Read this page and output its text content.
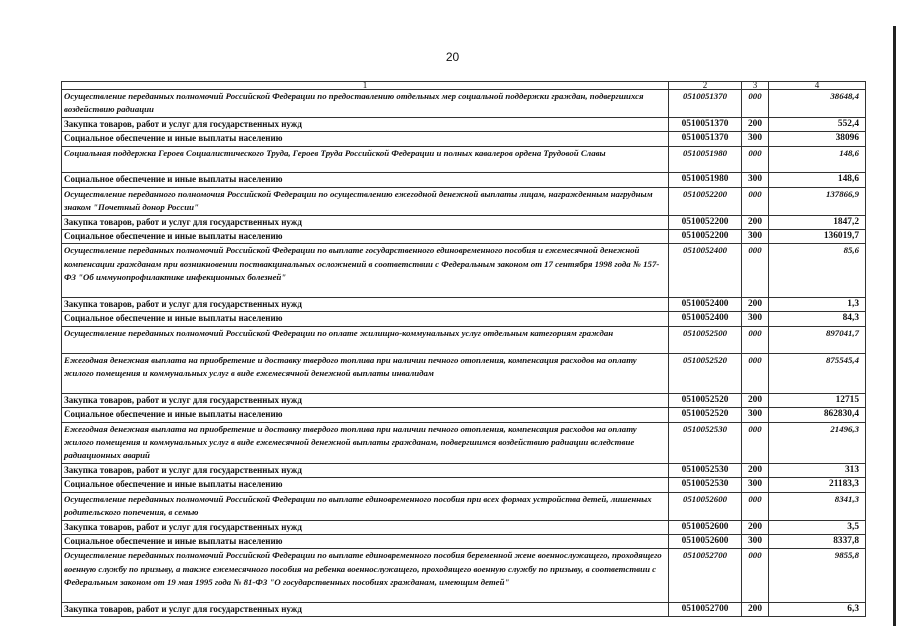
20
1	2	3	4
Осуществление переданных полномочий Российской Федерации по предоставлению отдельных мер социальной поддержки граждан, подвергшихся воздействию радиации	0510051370	000	38648,4
Закупка товаров, работ и услуг для государственных нужд	0510051370	200	552,4
Социальное обеспечение и иные выплаты населению	0510051370	300	38096
Социальная поддержка Героев Социалистического Труда, Героев Труда Российской Федерации и полных кавалеров ордена Трудовой Славы	0510051980	000	148,6
Социальное обеспечение и иные выплаты населению	0510051980	300	148,6
Осуществление переданного полномочия Российской Федерации по осуществлению ежегодной денежной выплаты лицам, награжденным нагрудным знаком "Почетный донор России"	0510052200	000	137866,9
Закупка товаров, работ и услуг для государственных нужд	0510052200	200	1847,2
Социальное обеспечение и иные выплаты населению	0510052200	300	136019,7
Осуществление переданных полномочий Российской Федерации по выплате государственного единовременного пособия и ежемесячной денежной компенсации гражданам при возникновении поствакцинальных осложнений в соответствии с Федеральным законом от 17 сентября 1998 года № 157-ФЗ "Об иммунопрофилактике инфекционных болезней"	0510052400	000	85,6
Закупка товаров, работ и услуг для государственных нужд	0510052400	200	1,3
Социальное обеспечение и иные выплаты населению	0510052400	300	84,3
Осуществление переданных полномочий Российской Федерации по оплате жилищно-коммунальных услуг отдельным категориям граждан	0510052500	000	897041,7
Ежегодная денежная выплата на приобретение и доставку твердого топлива при наличии печного отопления, компенсация расходов на оплату жилого помещения и коммунальных услуг в виде ежемесячной денежной выплаты инвалидам	0510052520	000	875545,4
Закупка товаров, работ и услуг для государственных нужд	0510052520	200	12715
Социальное обеспечение и иные выплаты населению	0510052520	300	862830,4
Ежегодная денежная выплата на приобретение и доставку твердого топлива при наличии печного отопления, компенсация расходов на оплату жилого помещения и коммунальных услуг в виде ежемесячной денежной выплаты гражданам, подвергшимся воздействию радиации вследствие радиационных аварий	0510052530	000	21496,3
Закупка товаров, работ и услуг для государственных нужд	0510052530	200	313
Социальное обеспечение и иные выплаты населению	0510052530	300	21183,3
Осуществление переданных полномочий Российской Федерации по выплате единовременного пособия при всех формах устройства детей, лишенных родительского попечения, в семью	0510052600	000	8341,3
Закупка товаров, работ и услуг для государственных нужд	0510052600	200	3,5
Социальное обеспечение и иные выплаты населению	0510052600	300	8337,8
Осуществление переданных полномочий Российской Федерации по выплате единовременного пособия беременной жене военнослужащего, проходящего военную службу по призыву, а также ежемесячного пособия на ребенка военнослужащего, проходящего военную службу по призыву, в соответствии с Федеральным законом от 19 мая 1995 года № 81-ФЗ "О государственных пособиях гражданам, имеющим детей"	0510052700	000	9855,8
Закупка товаров, работ и услуг для государственных нужд	0510052700	200	6,3
